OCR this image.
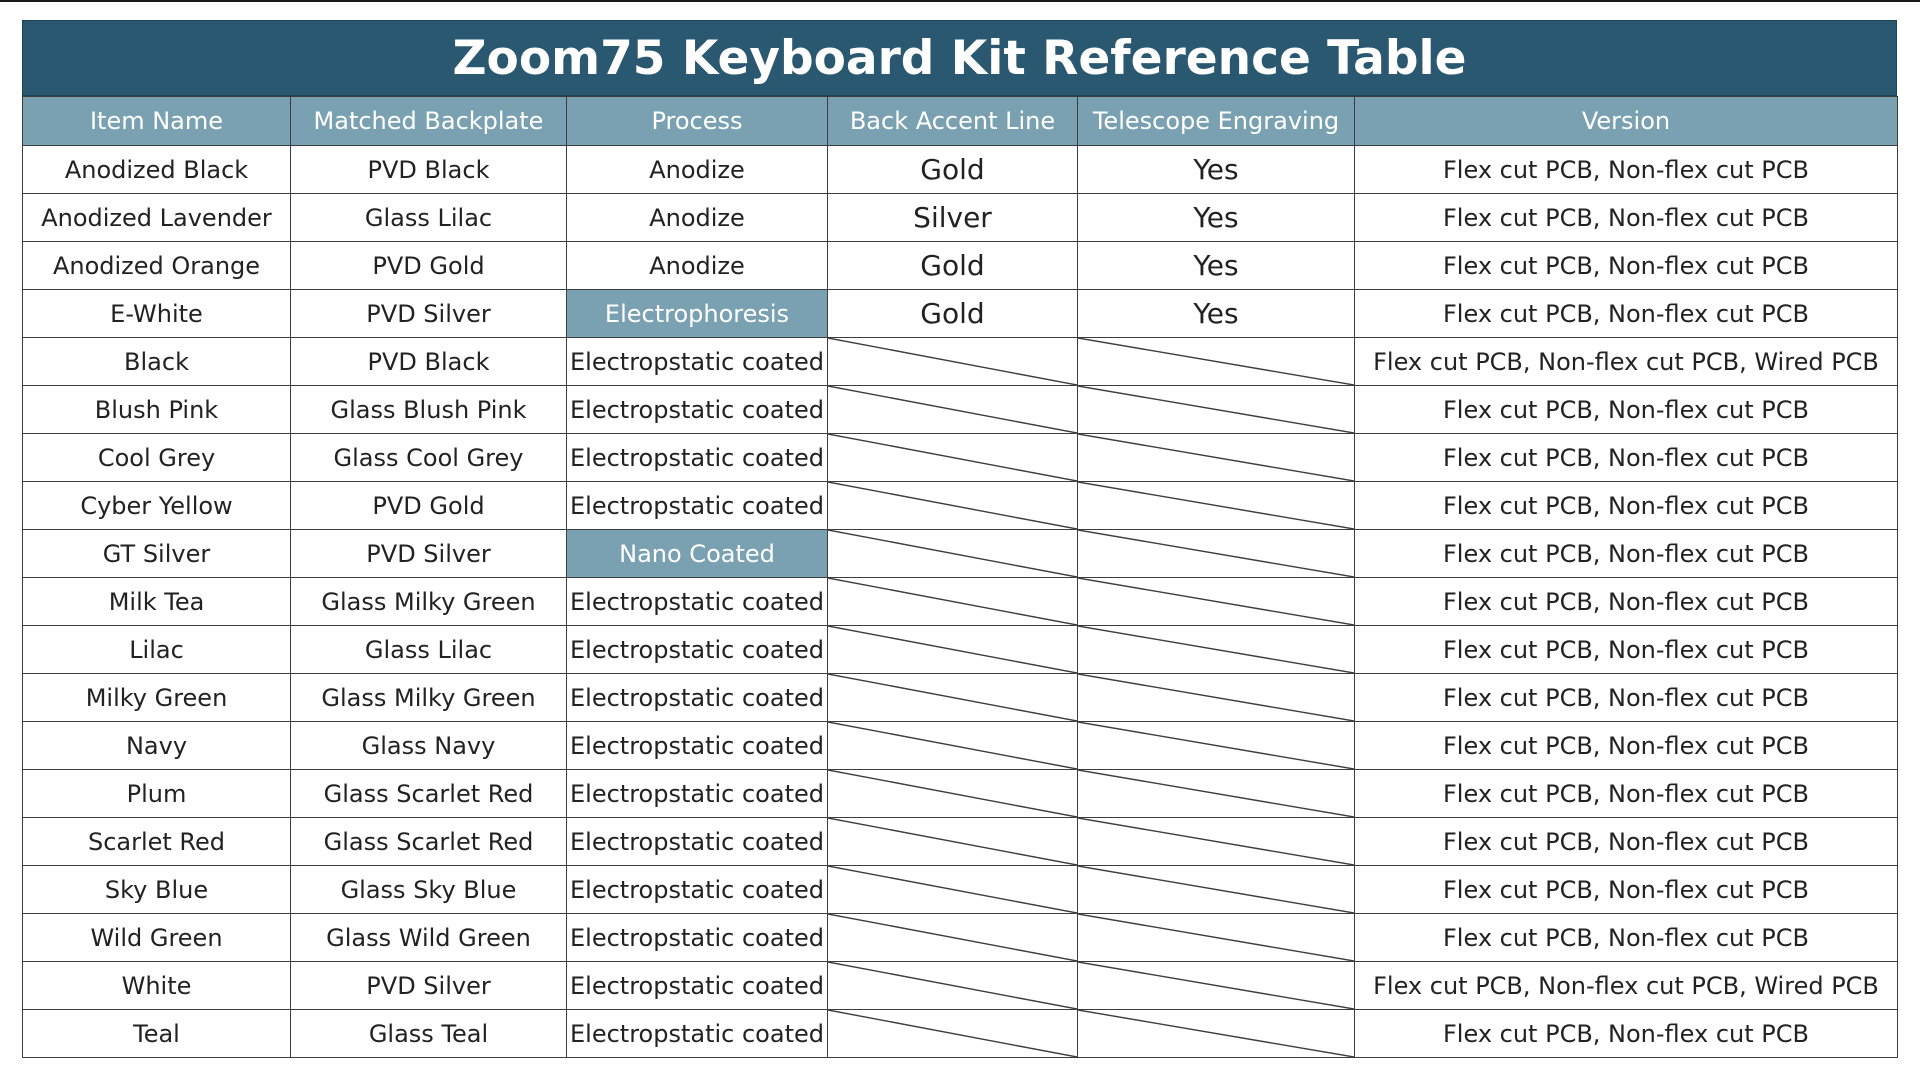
Zoom75 Keyboard Kit Reference Table
Item Name	Matched Backplate	Process	Back Accent Line	Telescope Engraving	Version
Anodized Black	PVD Black	Anodize	Gold	Yes	Flex cut PCB, Non-flex cut PCB
Anodized Lavender	Glass Lilac	Anodize	Silver	Yes	Flex cut PCB, Non-flex cut PCB
Anodized Orange	PVD Gold	Anodize	Gold	Yes	Flex cut PCB, Non-flex cut PCB
E-White	PVD Silver	Electrophoresis	Gold	Yes	Flex cut PCB, Non-flex cut PCB
Black	PVD Black	Electropstatic coated			Flex cut PCB, Non-flex cut PCB, Wired PCB
Blush Pink	Glass Blush Pink	Electropstatic coated			Flex cut PCB, Non-flex cut PCB
Cool Grey	Glass Cool Grey	Electropstatic coated			Flex cut PCB, Non-flex cut PCB
Cyber Yellow	PVD Gold	Electropstatic coated			Flex cut PCB, Non-flex cut PCB
GT Silver	PVD Silver	Nano Coated			Flex cut PCB, Non-flex cut PCB
Milk Tea	Glass Milky Green	Electropstatic coated			Flex cut PCB, Non-flex cut PCB
Lilac	Glass Lilac	Electropstatic coated			Flex cut PCB, Non-flex cut PCB
Milky Green	Glass Milky Green	Electropstatic coated			Flex cut PCB, Non-flex cut PCB
Navy	Glass Navy	Electropstatic coated			Flex cut PCB, Non-flex cut PCB
Plum	Glass Scarlet Red	Electropstatic coated			Flex cut PCB, Non-flex cut PCB
Scarlet Red	Glass Scarlet Red	Electropstatic coated			Flex cut PCB, Non-flex cut PCB
Sky Blue	Glass Sky Blue	Electropstatic coated			Flex cut PCB, Non-flex cut PCB
Wild Green	Glass Wild Green	Electropstatic coated			Flex cut PCB, Non-flex cut PCB
White	PVD Silver	Electropstatic coated			Flex cut PCB, Non-flex cut PCB, Wired PCB
Teal	Glass Teal	Electropstatic coated			Flex cut PCB, Non-flex cut PCB
